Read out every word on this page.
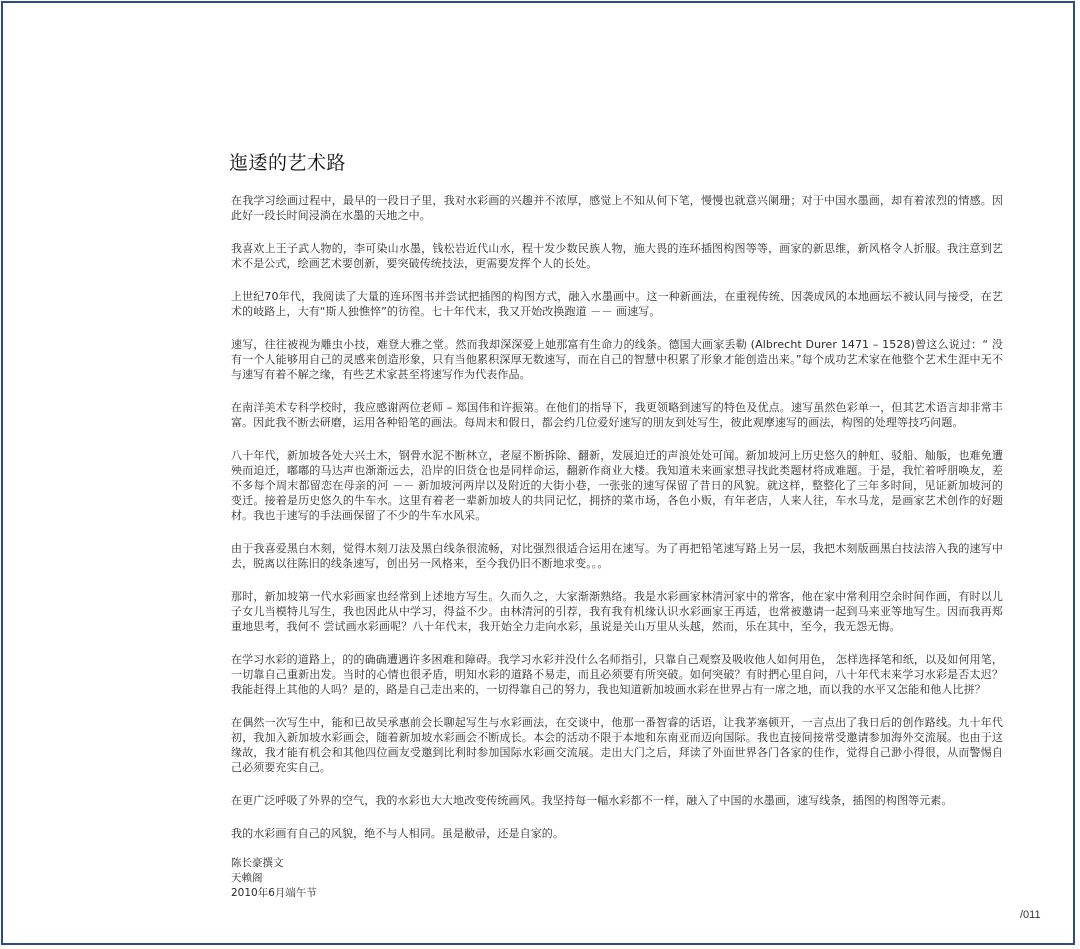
迤逶的艺术路

在我学习绘画过程中，最早的一段日子里，我对水彩画的兴趣并不浓厚，感觉上不知从何下笔，慢慢也就意兴阑珊；对于中国水墨画，却有着浓烈的情感。因此好一段长时间浸淌在水墨的天地之中。

我喜欢上王子武人物的，李可染山水墨，钱松岩近代山水，程十发少数民族人物，施大畏的连环插图构图等等，画家的新思维，新风格令人折服。我注意到艺术不是公式，绘画艺术要创新，要突破传统技法，更需要发挥个人的长处。

上世纪70年代，我阅读了大量的连环图书并尝试把插图的构图方式，融入水墨画中。这一种新画法，在重视传统、因袭成风的本地画坛不被认同与接受，在艺术的岐路上，大有“斯人独憔悴”的彷徨。七十年代末，我又开始改换跑道 －－ 画速写。

速写，往往被视为雕虫小技，难登大雅之堂。然而我却深深爱上她那富有生命力的线条。德国大画家丢勒 (Albrecht Durer 1471 – 1528)曾这么说过：“ 没有一个人能够用自己的灵感来创造形象，只有当他累积深厚无数速写，而在自己的智慧中积累了形象才能创造出来。”每个成功艺术家在他整个艺术生涯中无不与速写有着不解之缘，有些艺术家甚至将速写作为代表作品。

在南洋美术专科学校时，我应感谢两位老师 – 郑国伟和许振第。在他们的指导下，我更领略到速写的特色及优点。速写虽然色彩单一，但其艺术语言却非常丰富。因此我不断去研磨，运用各种铅笔的画法。每周末和假日，都会约几位爱好速写的朋友到处写生，彼此观摩速写的画法，构图的处理等技巧问题。

八十年代，新加坡各处大兴土木，钢骨水泥不断林立，老屋不断拆除、翻新，发展迫迁的声浪处处可闻。新加坡河上历史悠久的舯舡、驳船、舢舨，也难免遭殃而迫迁，嘟嘟的马达声也渐渐远去，沿岸的旧货仓也是同样命运，翻新作商业大楼。我知道未来画家想寻找此类题材将成难题。于是，我忙着呼朋唤友，差不多每个周末都留恋在母亲的河 －－ 新加坡河两岸以及附近的大街小巷，一张张的速写保留了昔日的风貌。就这样，整整化了三年多时间，见证新加坡河的变迁。接着是历史悠久的牛车水。这里有着老一辈新加坡人的共同记忆，拥挤的菜市场，各色小贩，有年老店，人来人往，车水马龙，是画家艺术创作的好题材。我也于速写的手法画保留了不少的牛车水风采。

由于我喜爱黑白木刻，觉得木刻刀法及黑白线条很流畅，对比强烈很适合运用在速写。为了再把铅笔速写路上另一层，我把木刻版画黑白技法溶入我的速写中去，脱离以往陈旧的线条速写，创出另一风格来，至今我仍旧不断地求变。。。

那时，新加坡第一代水彩画家也经常到上述地方写生。久而久之，大家渐渐熟络。我是水彩画家林清河家中的常客，他在家中常利用空余时间作画，有时以儿子女儿当模特儿写生，我也因此从中学习，得益不少。由林清河的引荐，我有我有机缘认识水彩画家王再适，也常被邀请一起到马来亚等地写生。因而我再郑重地思考，我何不 尝试画水彩画呢？八十年代末，我开始全力走向水彩，虽说是关山万里从头越，然而，乐在其中，至今，我无怨无悔。

在学习水彩的道路上，的的确确遭遇许多困难和障碍。我学习水彩并没什么名师指引，只靠自己观察及吸收他人如何用色， 怎样选择笔和纸，以及如何用笔，一切靠自己重新出发。当时的心情也很矛盾，明知水彩的道路不易走，而且必须要有所突破。如何突破？有时捫心里自问，八十年代末来学习水彩是否太迟？我能赶得上其他的人吗？是的，路是自己走出来的，一切得靠自己的努力，我也知道新加坡画水彩在世界占有一席之地，而以我的水平又怎能和他人比拼？

在偶然一次写生中，能和已故吴承惠前会长聊起写生与水彩画法，在交谈中，他那一番智睿的话语，让我茅塞顿开，一言点出了我日后的创作路线。九十年代初，我加入新加坡水彩画会，随着新加坡水彩画会不断成长。本会的活动不限于本地和东南亚而迈向国际。我也直接间接常受邀请参加海外交流展。也由于这缘故，我才能有机会和其他四位画友受邀到比利时参加国际水彩画交流展。走出大门之后，拜读了外面世界各门各家的佳作，觉得自己渺小得很，从而警惕自己必须要充实自己。

在更广泛呼吸了外界的空气，我的水彩也大大地改变传统画风。我坚持每一幅水彩都不一样，融入了中国的水墨画，速写线条，插图的构图等元素。

我的水彩画有自己的风貌，绝不与人相同。虽是敝帚，还是自家的。

陈长豪撰文
天赖阁
2010年6月端午节
/011
